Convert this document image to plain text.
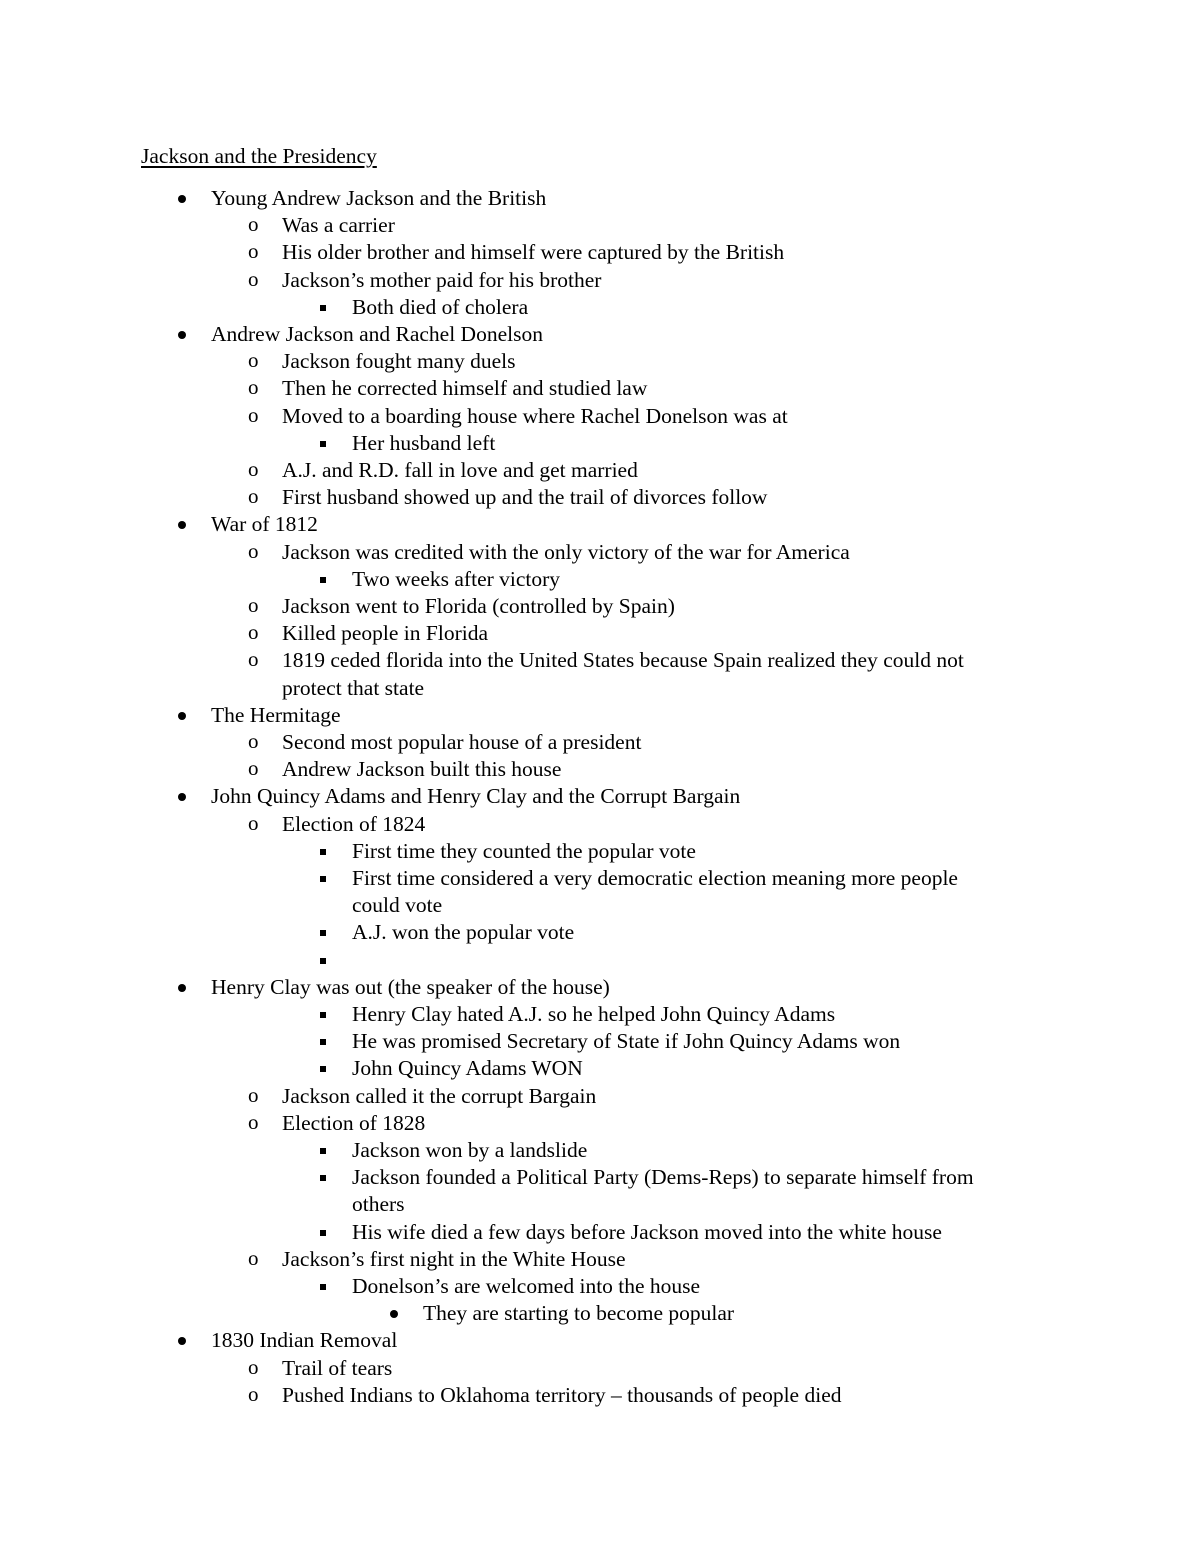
Jackson and the Presidency
Young Andrew Jackson and the British
o Was a carrier
o His older brother and himself were captured by the British
o Jackson’s mother paid for his brother
Both died of cholera
Andrew Jackson and Rachel Donelson
o Jackson fought many duels
o Then he corrected himself and studied law
o Moved to a boarding house where Rachel Donelson was at
Her husband left
o A.J. and R.D. fall in love and get married
o First husband showed up and the trail of divorces follow
War of 1812
o Jackson was credited with the only victory of the war for America
Two weeks after victory
o Jackson went to Florida (controlled by Spain)
o Killed people in Florida
o 1819 ceded florida into the United States because Spain realized they could not
protect that state
The Hermitage
o Second most popular house of a president
o Andrew Jackson built this house
John Quincy Adams and Henry Clay and the Corrupt Bargain
o Election of 1824
First time they counted the popular vote
First time considered a very democratic election meaning more people
could vote
A.J. won the popular vote
Henry Clay was out (the speaker of the house)
Henry Clay hated A.J. so he helped John Quincy Adams
He was promised Secretary of State if John Quincy Adams won
John Quincy Adams WON
o Jackson called it the corrupt Bargain
o Election of 1828
Jackson won by a landslide
Jackson founded a Political Party (Dems-Reps) to separate himself from
others
His wife died a few days before Jackson moved into the white house
o Jackson’s first night in the White House
Donelson’s are welcomed into the house
They are starting to become popular
1830 Indian Removal
o Trail of tears
o Pushed Indians to Oklahoma territory – thousands of people died
